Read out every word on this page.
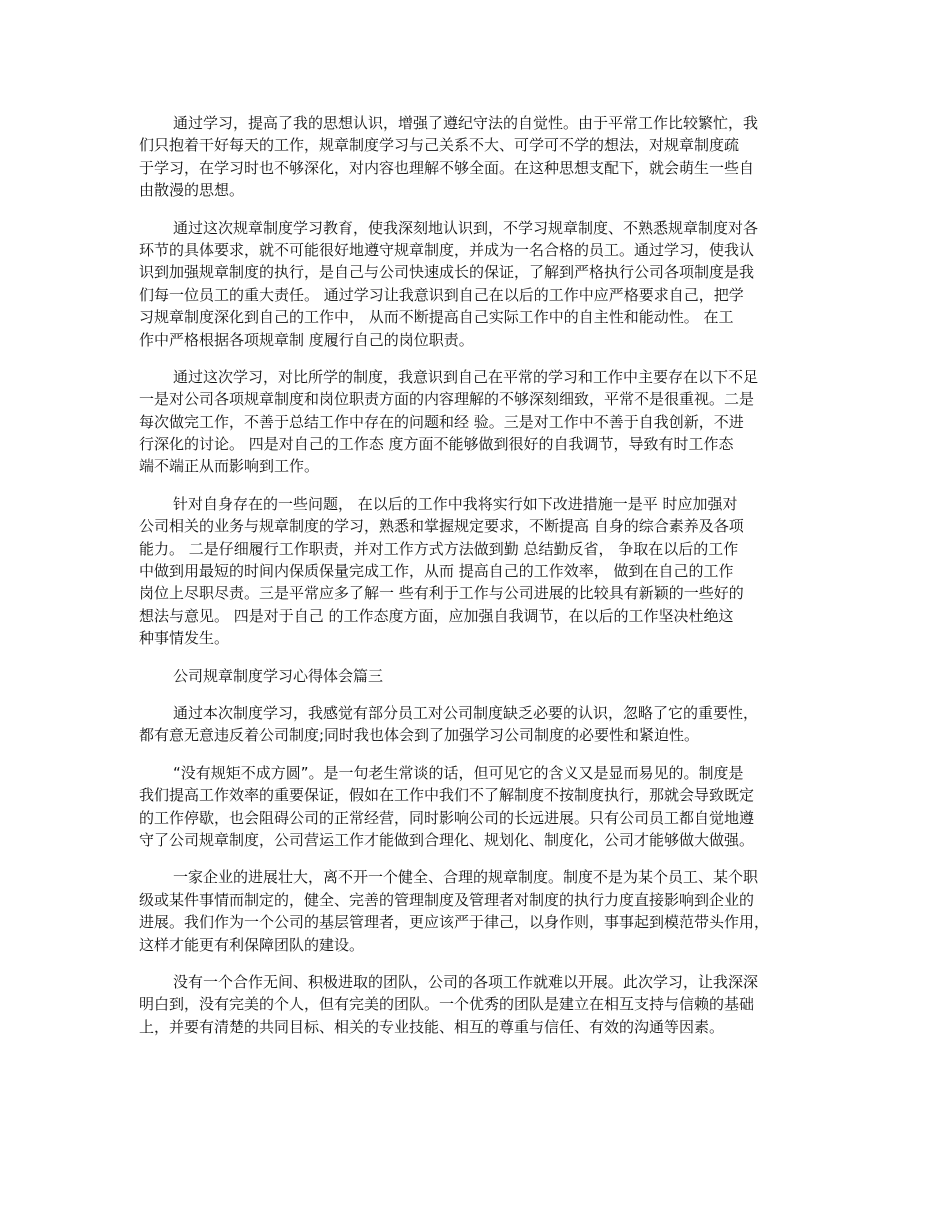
通过学习，提高了我的思想认识，增强了遵纪守法的自觉性。由于平常工作比较繁忙，我
们只抱着干好每天的工作，规章制度学习与己关系不大、可学可不学的想法，对规章制度疏
于学习，在学习时也不够深化，对内容也理解不够全面。在这种思想支配下，就会萌生一些自
由散漫的思想。
通过这次规章制度学习教育，使我深刻地认识到，不学习规章制度、不熟悉规章制度对各
环节的具体要求，就不可能很好地遵守规章制度，并成为一名合格的员工。通过学习，使我认
识到加强规章制度的执行，是自己与公司快速成长的保证，了解到严格执行公司各项制度是我
们每一位员工的重大责任。 通过学习让我意识到自己在以后的工作中应严格要求自己，把学
习规章制度深化到自己的工作中， 从而不断提高自己实际工作中的自主性和能动性。 在工
作中严格根据各项规章制 度履行自己的岗位职责。
通过这次学习，对比所学的制度，我意识到自己在平常的学习和工作中主要存在以下不足
一是对公司各项规章制度和岗位职责方面的内容理解的不够深刻细致，平常不是很重视。二是
每次做完工作，不善于总结工作中存在的问题和经 验。三是对工作中不善于自我创新，不进
行深化的讨论。 四是对自己的工作态 度方面不能够做到很好的自我调节，导致有时工作态
端不端正从而影响到工作。
针对自身存在的一些问题， 在以后的工作中我将实行如下改进措施一是平 时应加强对
公司相关的业务与规章制度的学习，熟悉和掌握规定要求，不断提高 自身的综合素养及各项
能力。 二是仔细履行工作职责，并对工作方式方法做到勤 总结勤反省， 争取在以后的工作
中做到用最短的时间内保质保量完成工作，从而 提高自己的工作效率， 做到在自己的工作
岗位上尽职尽责。三是平常应多了解一 些有利于工作与公司进展的比较具有新颖的一些好的
想法与意见。 四是对于自己 的工作态度方面，应加强自我调节，在以后的工作坚决杜绝这
种事情发生。
公司规章制度学习心得体会篇三
通过本次制度学习，我感觉有部分员工对公司制度缺乏必要的认识，忽略了它的重要性，
都有意无意违反着公司制度;同时我也体会到了加强学习公司制度的必要性和紧迫性。
“没有规矩不成方圆”。是一句老生常谈的话，但可见它的含义又是显而易见的。制度是
我们提高工作效率的重要保证，假如在工作中我们不了解制度不按制度执行，那就会导致既定
的工作停歇，也会阻碍公司的正常经营，同时影响公司的长远进展。只有公司员工都自觉地遵
守了公司规章制度，公司营运工作才能做到合理化、规划化、制度化，公司才能够做大做强。
一家企业的进展壮大，离不开一个健全、合理的规章制度。制度不是为某个员工、某个职
级或某件事情而制定的，健全、完善的管理制度及管理者对制度的执行力度直接影响到企业的
进展。我们作为一个公司的基层管理者，更应该严于律己，以身作则，事事起到模范带头作用，
这样才能更有利保障团队的建设。
没有一个合作无间、积极进取的团队，公司的各项工作就难以开展。此次学习，让我深深
明白到，没有完美的个人，但有完美的团队。一个优秀的团队是建立在相互支持与信赖的基础
上，并要有清楚的共同目标、相关的专业技能、相互的尊重与信任、有效的沟通等因素。
